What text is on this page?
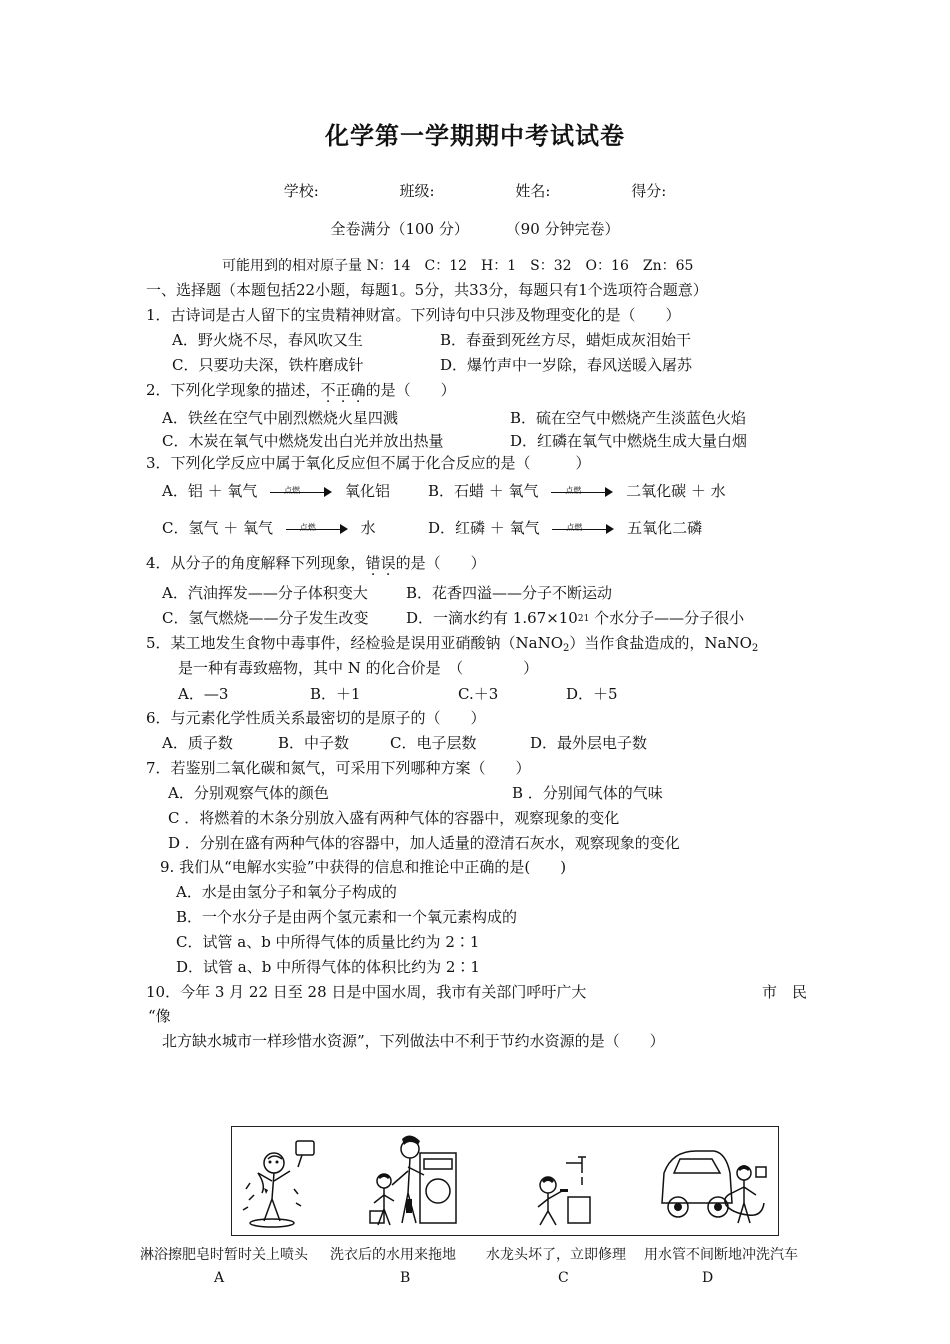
化学第一学期期中考试试卷
学校:	班级:	姓名:	得分:
全卷满分（100 分） （90 分钟完卷）
可能用到的相对原子量 N：14　C：12　H：1　S：32　O：16　Zn：65
一、选择题（本题包括22小题，每题1。5分，共33分，每题只有1个选项符合题意）
1．古诗词是古人留下的宝贵精神财富。下列诗句中只涉及物理变化的是（　　）
A．野火烧不尽，春风吹又生	B．春蚕到死丝方尽，蜡炬成灰泪始干
C．只要功夫深，铁杵磨成针	D．爆竹声中一岁除，春风送暖入屠苏
2．下列化学现象的描述，不正确的是（　　）
A．铁丝在空气中剧烈燃烧火星四溅	B．硫在空气中燃烧产生淡蓝色火焰
C．木炭在氧气中燃烧发出白光并放出热量	D．红磷在氧气中燃烧生成大量白烟
3．下列化学反应中属于氧化反应但不属于化合反应的是（　　　）
A．铝 ＋ 氧气	点燃	氧化铝	B．石蜡 ＋ 氧气	点燃	二氧化碳 ＋ 水
C．氢气 ＋ 氧气	点燃	水	D．红磷 ＋ 氧气	点燃	五氧化二磷
4．从分子的角度解释下列现象，错误的是（　　）
A．汽油挥发——分子体积变大	B．花香四溢——分子不断运动
C．氢气燃烧——分子发生改变	D．一滴水约有 $1.67\times 10^{21}$ 个水分子——分子很小
5．某工地发生食物中毒事件，经检验是误用亚硝酸钠（NaNO$_2$）当作食盐造成的，NaNO$_2$
是一种有毒致癌物，其中 N 的化合价是　（　　　　）
A．—3	B．＋1	C.＋3	D．＋5
6．与元素化学性质关系最密切的是原子的（　　）
A．质子数	B．中子数	C．电子层数	D．最外层电子数
7．若鉴别二氧化碳和氮气，可采用下列哪种方案（　　）
A．分别观察气体的颜色	B ．分别闻气体的气味
C ．将燃着的木条分别放入盛有两种气体的容器中，观察现象的变化
D ．分别在盛有两种气体的容器中，加人适量的澄清石灰水，观察现象的变化
9. 我们从“电解水实验”中获得的信息和推论中正确的是(　　)
A．水是由氢分子和氧分子构成的
B．一个水分子是由两个氢元素和一个氧元素构成的
C．试管 a、b 中所得气体的质量比约为 2∶1
D．试管 a、b 中所得气体的体积比约为 2∶1
10．今年 3 月 22 日至 28 日是中国水周，我市有关部门呼吁广大	市　民
“像
北方缺水城市一样珍惜水资源”，下列做法中不利于节约水资源的是（　　）
淋浴擦肥皂时暂时关上喷头
A
洗衣后的水用来拖地
B
水龙头坏了，立即修理
C
用水管不间断地冲洗汽车
D
